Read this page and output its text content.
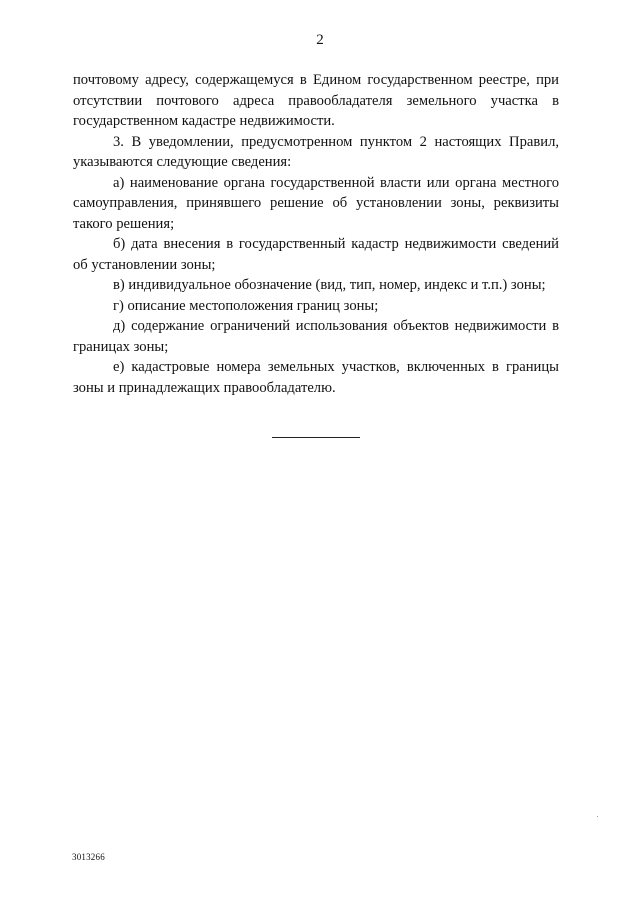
2

почтовому адресу, содержащемуся в Едином государственном реестре, при отсутствии почтового адреса правообладателя земельного участка в государственном кадастре недвижимости.

3. В уведомлении, предусмотренном пунктом 2 настоящих Правил, указываются следующие сведения:

а) наименование органа государственной власти или органа местного самоуправления, принявшего решение об установлении зоны, реквизиты такого решения;

б) дата внесения в государственный кадастр недвижимости сведений об установлении зоны;

в) индивидуальное обозначение (вид, тип, номер, индекс и т.п.) зоны;

г) описание местоположения границ зоны;

д) содержание ограничений использования объектов недвижимости в границах зоны;

е) кадастровые номера земельных участков, включенных в границы зоны и принадлежащих правообладателю.

3013266
